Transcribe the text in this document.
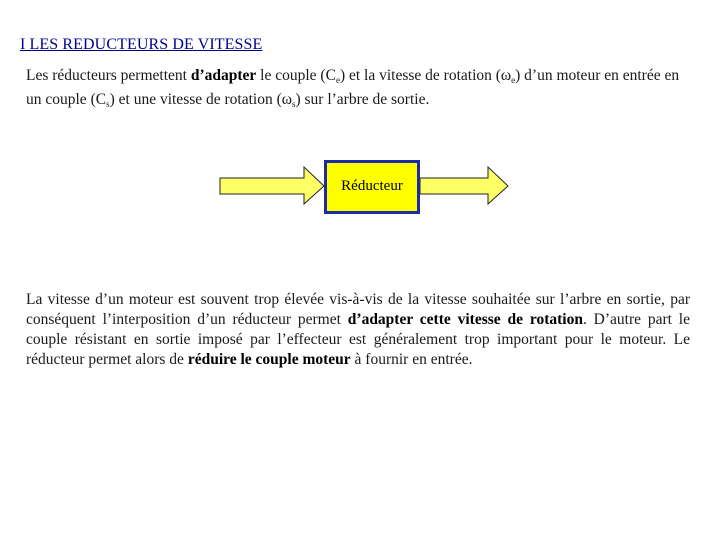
I LES REDUCTEURS DE VITESSE
Les réducteurs permettent d’adapter le couple $(C_e)$ et la vitesse de rotation $(\omega_e)$ d’un moteur en entrée en un couple $(C_s)$ et une vitesse de rotation $(\omega_s)$ sur l’arbre de sortie.
Réducteur
La vitesse d’un moteur est souvent trop élevée vis-à-vis de la vitesse souhaitée sur l’arbre en sortie, par conséquent l’interposition d’un réducteur permet d’adapter cette vitesse de rotation. D’autre part le couple résistant en sortie imposé par l’effecteur est généralement trop important pour le moteur. Le réducteur permet alors de réduire le couple moteur à fournir en entrée.
